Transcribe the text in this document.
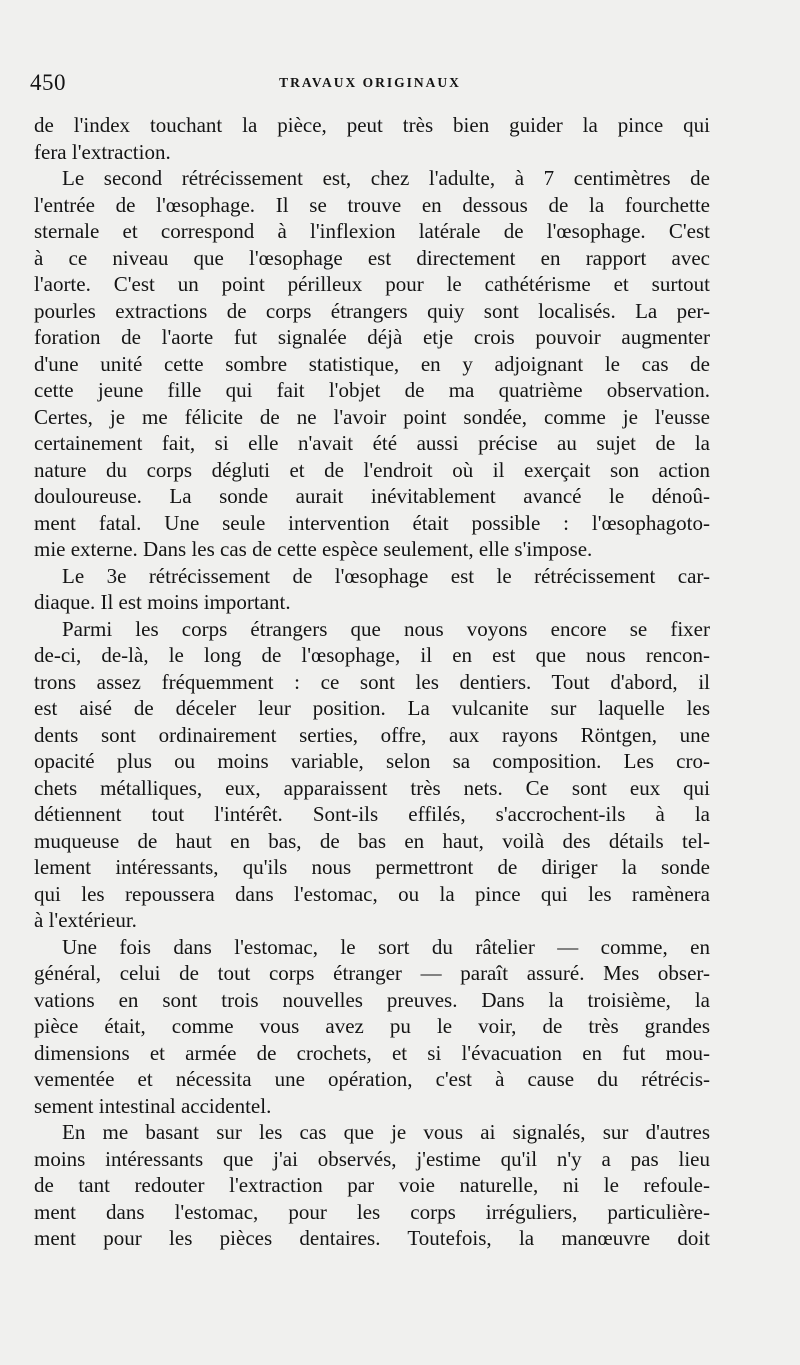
450	TRAVAUX ORIGINAUX
de l'index touchant la pièce, peut très bien guider la pince qui
fera l'extraction.
Le second rétrécissement est, chez l'adulte, à 7 centimètres de
l'entrée de l'œsophage. Il se trouve en dessous de la fourchette
sternale et correspond à l'inflexion latérale de l'œsophage. C'est
à ce niveau que l'œsophage est directement en rapport avec
l'aorte. C'est un point périlleux pour le cathétérisme et surtout
pourles extractions de corps étrangers quiy sont localisés. La per-
foration de l'aorte fut signalée déjà etje crois pouvoir augmenter
d'une unité cette sombre statistique, en y adjoignant le cas de
cette jeune fille qui fait l'objet de ma quatrième observation.
Certes, je me félicite de ne l'avoir point sondée, comme je l'eusse
certainement fait, si elle n'avait été aussi précise au sujet de la
nature du corps dégluti et de l'endroit où il exerçait son action
douloureuse. La sonde aurait inévitablement avancé le dénoû-
ment fatal. Une seule intervention était possible : l'œsophagoto-
mie externe. Dans les cas de cette espèce seulement, elle s'impose.
Le 3e rétrécissement de l'œsophage est le rétrécissement car-
diaque. Il est moins important.
Parmi les corps étrangers que nous voyons encore se fixer
de-ci, de-là, le long de l'œsophage, il en est que nous rencon-
trons assez fréquemment : ce sont les dentiers. Tout d'abord, il
est aisé de déceler leur position. La vulcanite sur laquelle les
dents sont ordinairement serties, offre, aux rayons Röntgen, une
opacité plus ou moins variable, selon sa composition. Les cro-
chets métalliques, eux, apparaissent très nets. Ce sont eux qui
détiennent tout l'intérêt. Sont-ils effilés, s'accrochent-ils à la
muqueuse de haut en bas, de bas en haut, voilà des détails tel-
lement intéressants, qu'ils nous permettront de diriger la sonde
qui les repoussera dans l'estomac, ou la pince qui les ramènera
à l'extérieur.
Une fois dans l'estomac, le sort du râtelier — comme, en
général, celui de tout corps étranger — paraît assuré. Mes obser-
vations en sont trois nouvelles preuves. Dans la troisième, la
pièce était, comme vous avez pu le voir, de très grandes
dimensions et armée de crochets, et si l'évacuation en fut mou-
vementée et nécessita une opération, c'est à cause du rétrécis-
sement intestinal accidentel.
En me basant sur les cas que je vous ai signalés, sur d'autres
moins intéressants que j'ai observés, j'estime qu'il n'y a pas lieu
de tant redouter l'extraction par voie naturelle, ni le refoule-
ment dans l'estomac, pour les corps irréguliers, particulière-
ment pour les pièces dentaires. Toutefois, la manœuvre doit
